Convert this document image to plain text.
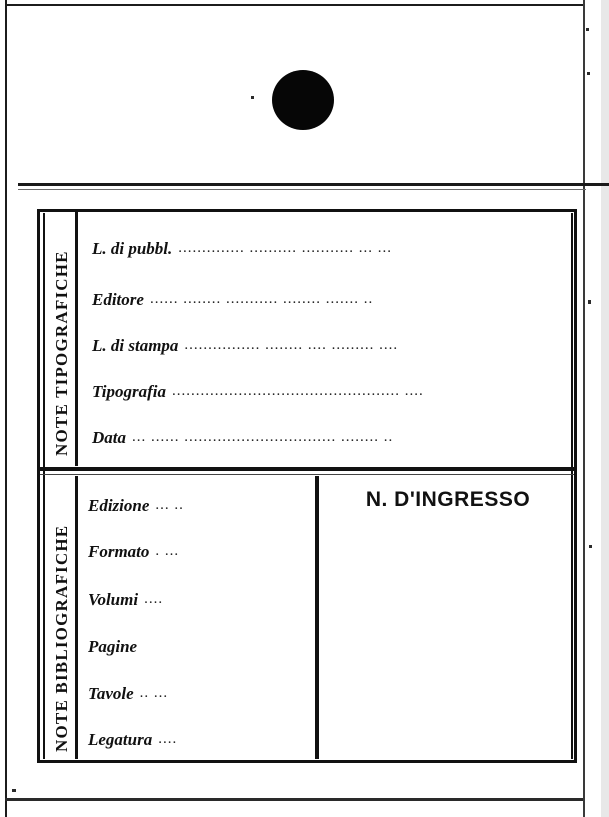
NOTE TIPOGRAFICHE
NOTE BIBLIOGRAFICHE
L. di pubbl. .............. .......... ........... ... ...
Editore ...... ........ ........... ........ ....... ..
L. di stampa ................ ........ .... ......... ....
Tipografia ................................................ ....
Data ... ...... ................................ ........ ..
Edizione ... ..
Formato . ...
Volumi ....
Pagine
Tavole .. ...
Legatura ....
N. D'INGRESSO
